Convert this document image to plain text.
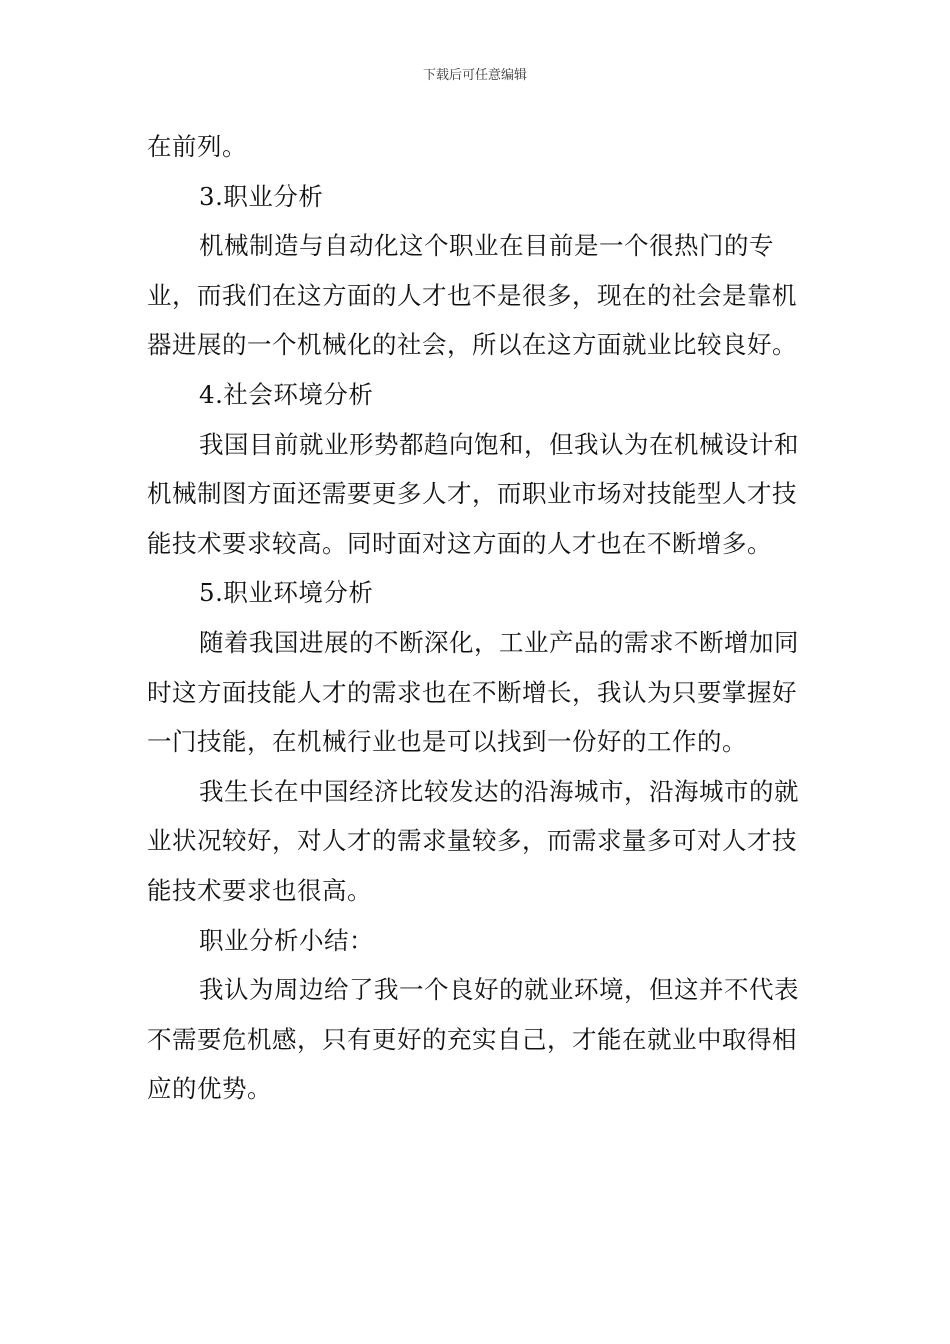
下载后可任意编辑

在前列。

3.职业分析

机械制造与自动化这个职业在目前是一个很热门的专业，而我们在这方面的人才也不是很多，现在的社会是靠机器进展的一个机械化的社会，所以在这方面就业比较良好。

4.社会环境分析

我国目前就业形势都趋向饱和，但我认为在机械设计和机械制图方面还需要更多人才，而职业市场对技能型人才技能技术要求较高。同时面对这方面的人才也在不断增多。

5.职业环境分析

随着我国进展的不断深化，工业产品的需求不断增加同时这方面技能人才的需求也在不断增长，我认为只要掌握好一门技能，在机械行业也是可以找到一份好的工作的。

我生长在中国经济比较发达的沿海城市，沿海城市的就业状况较好，对人才的需求量较多，而需求量多可对人才技能技术要求也很高。

职业分析小结：

我认为周边给了我一个良好的就业环境，但这并不代表不需要危机感，只有更好的充实自己，才能在就业中取得相应的优势。
